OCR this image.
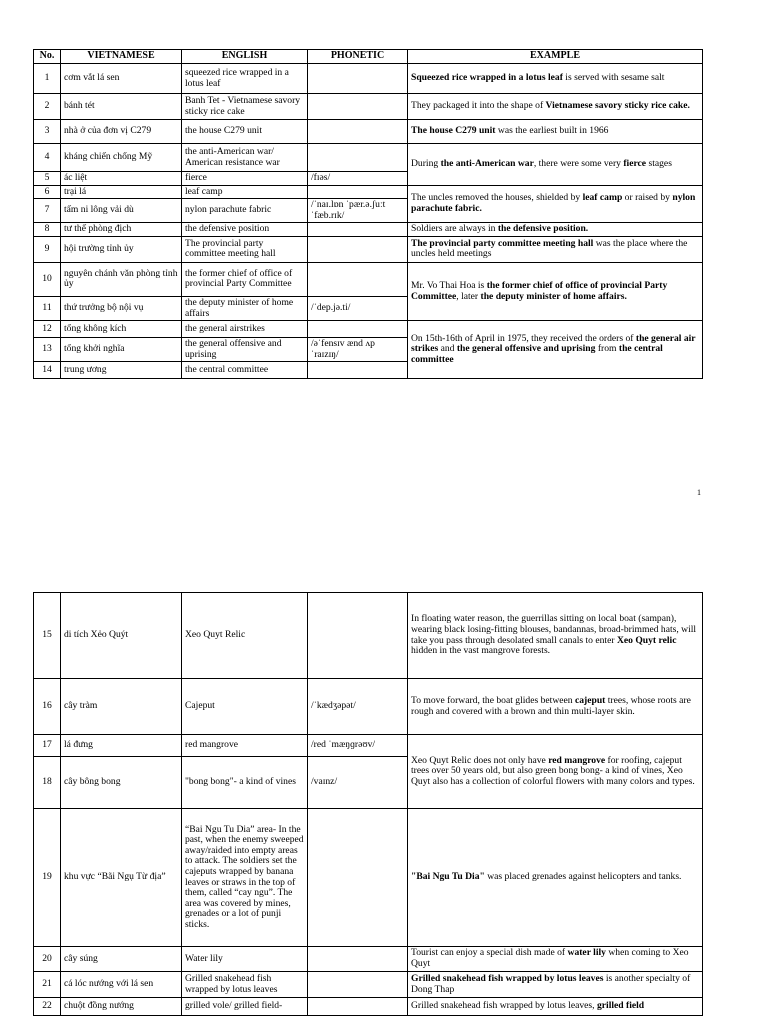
No.	VIETNAMESE	ENGLISH	PHONETIC	EXAMPLE
1	cơm vắt lá sen	squeezed rice wrapped in a lotus leaf		Squeezed rice wrapped in a lotus leaf is served with sesame salt
2	bánh tét	Banh Tet - Vietnamese savory sticky rice cake		They packaged it into the shape of Vietnamese savory sticky rice cake.
3	nhà ở của đơn vị C279	the house C279 unit		The house C279 unit was the earliest built in 1966
4	kháng chiến chống Mỹ	the anti-American war/ American resistance war		During the anti-American war, there were some very fierce stages
5	ác liệt	fierce	/fɪəs/	
6	trại lá	leaf camp		The uncles removed the houses, shielded by leaf camp or raised by nylon parachute fabric.
7	tấm ni lông vải dù	nylon parachute fabric	/ˈnaɪ.lɒn ˈpær.ə.ʃuːt ˈfæb.rɪk/	
8	tư thế phòng địch	the defensive position		Soldiers are always in the defensive position.
9	hội trường tỉnh ủy	The provincial party committee meeting hall		The provincial party committee meeting hall was the place where the uncles held meetings
10	nguyên chánh văn phòng tỉnh ủy	the former chief of office of provincial Party Committee		Mr. Vo Thai Hoa is the former chief of office of provincial Party Committee, later the deputy minister of home affairs.
11	thứ trưởng bộ nội vụ	the deputy minister of home affairs	/ˈdep.jə.ti/	
12	tổng không kích	the general airstrikes		On 15th-16th of April in 1975, they received the orders of the general air strikes and the general offensive and uprising from the central committee
13	tổng khởi nghĩa	the general offensive and uprising	/əˈfensɪv ænd ʌp ˈraɪzɪŋ/	
14	trung ương	the central committee		
1
15	di tích Xẻo Quýt	Xeo Quyt Relic		In floating water reason, the guerrillas sitting on local boat (sampan), wearing black losing-fitting blouses, bandannas, broad-brimmed hats, will take you pass through desolated small canals to enter Xeo Quyt relic hidden in the vast mangrove forests.
16	cây tràm	Cajeput	/ˈkædʒəpət/	To move forward, the boat glides between cajeput trees, whose roots are rough and covered with a brown and thin multi-layer skin.
17	lá đưng	red mangrove	/red ˈmæŋɡrəʊv/	Xeo Quyt Relic does not only have red mangrove for roofing, cajeput trees over 50 years old, but also green bong bong- a kind of vines, Xeo Quyt also has a collection of colorful flowers with many colors and types.
18	cây bông bong	"bong bong"- a kind of vines	/vaɪnz/	
19	khu vực “Bãi Ngụ Từ địa”	“Bai Ngu Tu Dia” area- In the past, when the enemy sweeped away/raided into empty areas to attack. The soldiers set the cajeputs wrapped by banana leaves or straws in the top of them, called “cay ngu”. The area was covered by mines, grenades or a lot of punji sticks.		"Bai Ngu Tu Dia" was placed grenades against helicopters and tanks.
20	cây súng	Water lily		Tourist can enjoy a special dish made of water lily when coming to Xeo Quyt
21	cá lóc nướng với lá sen	Grilled snakehead fish wrapped by lotus leaves		Grilled snakehead fish wrapped by lotus leaves is another specialty of Dong Thap
22	chuột đồng nướng	grilled vole/ grilled field-		Grilled snakehead fish wrapped by lotus leaves, grilled field
